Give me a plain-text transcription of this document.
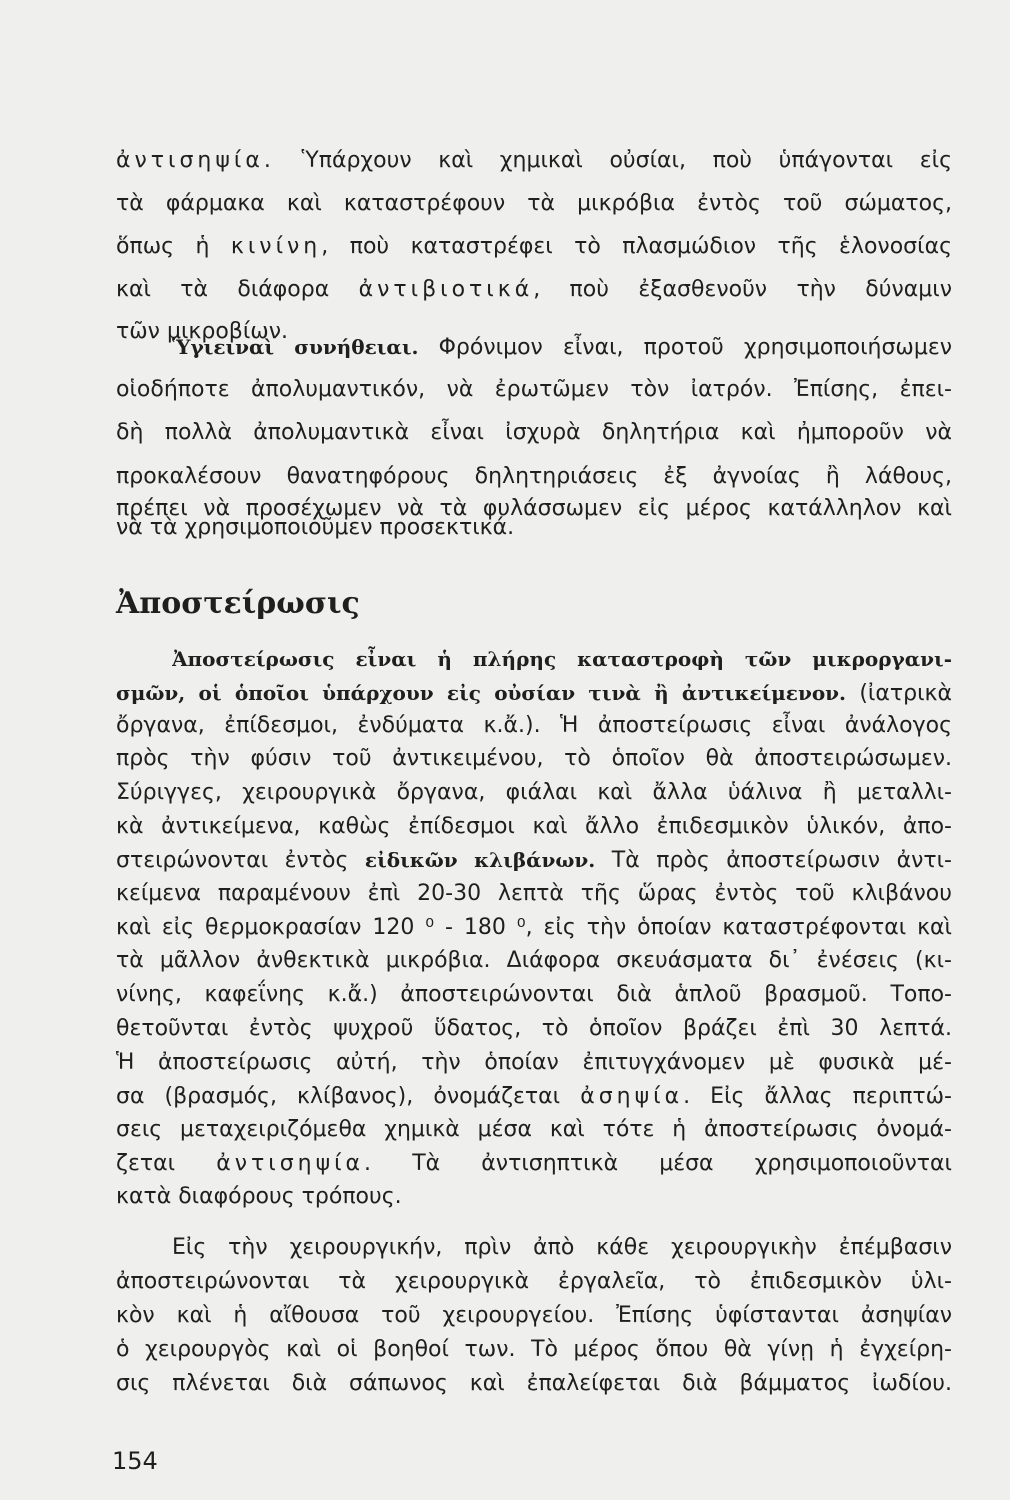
ἀντισηψία. Ὑπάρχουν καὶ χημικαὶ οὐσίαι, ποὺ ὑπάγονται εἰς
τὰ φάρμακα καὶ καταστρέφουν τὰ μικρόβια ἐντὸς τοῦ σώματος,
ὅπως ἡ κινίνη, ποὺ καταστρέφει τὸ πλασμώδιον τῆς ἑλονοσίας
καὶ τὰ διάφορα ἀντιβιοτικά, ποὺ ἐξασθενοῦν τὴν δύναμιν
τῶν μικροβίων.
Ὑγιειναὶ συνήθειαι. Φρόνιμον εἶναι, προτοῦ χρησιμοποιήσωμεν
οἱοδήποτε ἀπολυμαντικόν, νὰ ἐρωτῶμεν τὸν ἰατρόν. Ἐπίσης, ἐπει-
δὴ πολλὰ ἀπολυμαντικὰ εἶναι ἰσχυρὰ δηλητήρια καὶ ἠμποροῦν νὰ
προκαλέσουν θανατηφόρους δηλητηριάσεις ἐξ ἀγνοίας ἢ λάθους,
πρέπει νὰ προσέχωμεν νὰ τὰ φυλάσσωμεν εἰς μέρος κατάλληλον καὶ
νὰ τὰ χρησιμοποιοῦμεν προσεκτικά.
Ἀποστείρωσις
Ἀποστείρωσις εἶναι ἡ πλήρης καταστροφὴ τῶν μικροργανι-
σμῶν, οἱ ὁποῖοι ὑπάρχουν εἰς οὐσίαν τινὰ ἢ ἀντικείμενον. (ἰατρικὰ
ὄργανα, ἐπίδεσμοι, ἐνδύματα κ.ἄ.). Ἡ ἀποστείρωσις εἶναι ἀνάλογος
πρὸς τὴν φύσιν τοῦ ἀντικειμένου, τὸ ὁποῖον θὰ ἀποστειρώσωμεν.
Σύριγγες, χειρουργικὰ ὄργανα, φιάλαι καὶ ἄλλα ὑάλινα ἢ μεταλλι-
κὰ ἀντικείμενα, καθὼς ἐπίδεσμοι καὶ ἄλλο ἐπιδεσμικὸν ὑλικόν, ἀπο-
στειρώνονται ἐντὸς εἰδικῶν κλιβάνων. Τὰ πρὸς ἀποστείρωσιν ἀντι-
κείμενα παραμένουν ἐπὶ 20-30 λεπτὰ τῆς ὥρας ἐντὸς τοῦ κλιβάνου
καὶ εἰς θερμοκρασίαν 120 ⁰ - 180 ⁰, εἰς τὴν ὁποίαν καταστρέφονται καὶ
τὰ μᾶλλον ἀνθεκτικὰ μικρόβια. Διάφορα σκευάσματα δι᾿ ἐνέσεις (κι-
νίνης, καφεΐνης κ.ἄ.) ἀποστειρώνονται διὰ ἁπλοῦ βρασμοῦ. Τοπο-
θετοῦνται ἐντὸς ψυχροῦ ὕδατος, τὸ ὁποῖον βράζει ἐπὶ 30 λεπτά.
Ἡ ἀποστείρωσις αὐτή, τὴν ὁποίαν ἐπιτυγχάνομεν μὲ φυσικὰ μέ-
σα (βρασμός, κλίβανος), ὀνομάζεται ἀσηψία. Εἰς ἄλλας περιπτώ-
σεις μεταχειριζόμεθα χημικὰ μέσα καὶ τότε ἡ ἀποστείρωσις ὀνομά-
ζεται ἀντισηψία. Τὰ ἀντισηπτικὰ μέσα χρησιμοποιοῦνται
κατὰ διαφόρους τρόπους.
Εἰς τὴν χειρουργικήν, πρὶν ἀπὸ κάθε χειρουργικὴν ἐπέμβασιν
ἀποστειρώνονται τὰ χειρουργικὰ ἐργαλεῖα, τὸ ἐπιδεσμικὸν ὑλι-
κὸν καὶ ἡ αἴθουσα τοῦ χειρουργείου. Ἐπίσης ὑφίστανται ἀσηψίαν
ὁ χειρουργὸς καὶ οἱ βοηθοί των. Τὸ μέρος ὅπου θὰ γίνῃ ἡ ἐγχείρη-
σις πλένεται διὰ σάπωνος καὶ ἐπαλείφεται διὰ βάμματος ἰωδίου.
154
